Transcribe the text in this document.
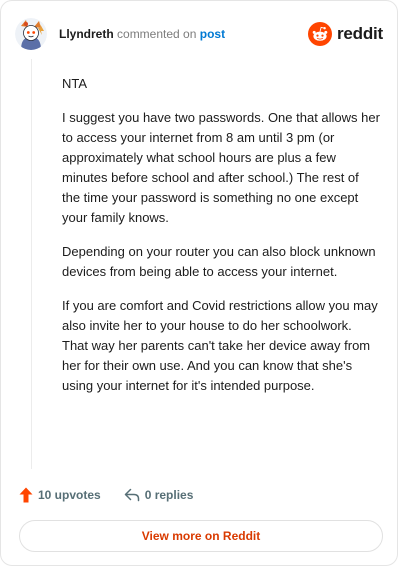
Llyndreth commented on post	reddit

NTA

I suggest you have two passwords. One that allows her to access your internet from 8 am until 3 pm (or approximately what school hours are plus a few minutes before school and after school.) The rest of the time your password is something no one except your family knows.

Depending on your router you can also block unknown devices from being able to access your internet.

If you are comfort and Covid restrictions allow you may also invite her to your house to do her schoolwork. That way her parents can't take her device away from her for their own use. And you can know that she's using your internet for it's intended purpose.

10 upvotes	0 replies
View more on Reddit
